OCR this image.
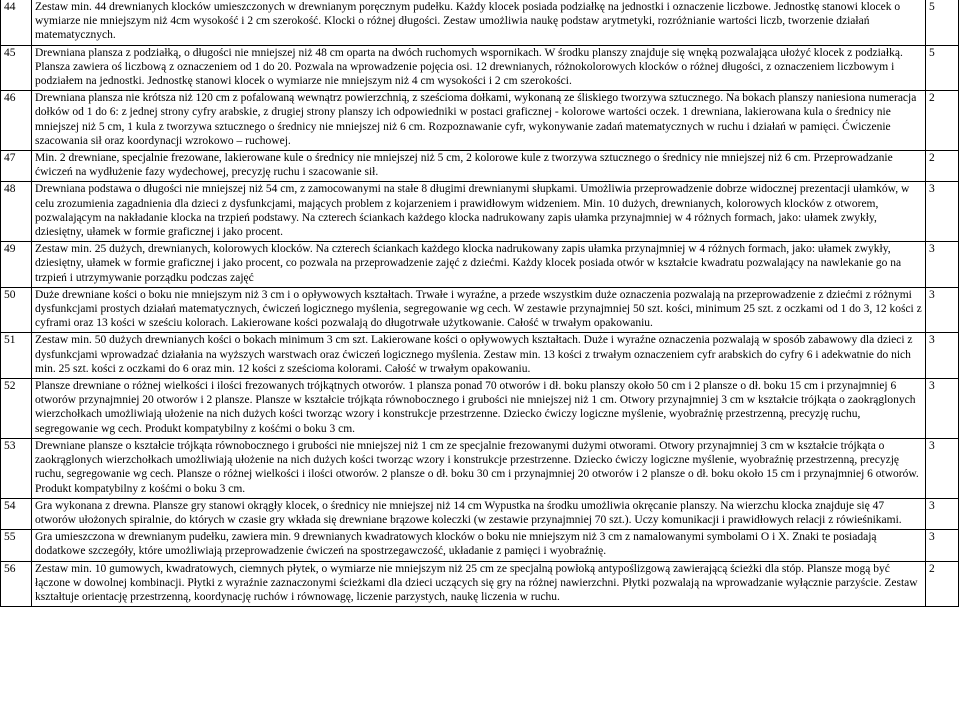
44	Zestaw min. 44 drewnianych klocków umieszczonych w drewnianym poręcznym pudełku. Każdy klocek posiada podziałkę na jednostki i oznaczenie liczbowe. Jednostkę stanowi klocek o wymiarze nie mniejszym niż 4cm wysokość i 2 cm szerokość. Klocki o różnej długości. Zestaw umożliwia naukę podstaw arytmetyki, rozróżnianie wartości liczb, tworzenie działań matematycznych.	5
45	Drewniana plansza z podziałką, o długości nie mniejszej niż 48 cm oparta na dwóch ruchomych wspornikach. W środku planszy znajduje się wnęką pozwalająca ułożyć klocek z podziałką. Plansza zawiera oś liczbową z oznaczeniem od 1 do 20. Pozwala na wprowadzenie pojęcia osi. 12 drewnianych, różnokolorowych klocków o różnej długości, z oznaczeniem liczbowym i podziałem na jednostki. Jednostkę stanowi klocek o wymiarze nie mniejszym niż 4 cm wysokości i 2 cm szerokości.	5
46	Drewniana plansza nie krótsza niż 120 cm z pofalowaną wewnątrz powierzchnią, z sześcioma dołkami, wykonaną ze śliskiego tworzywa sztucznego. Na bokach planszy naniesiona numeracja dołków od 1 do 6: z jednej strony cyfry arabskie, z drugiej strony planszy ich odpowiedniki w postaci graficznej - kolorowe wartości oczek. 1 drewniana, lakierowana kula o średnicy nie mniejszej niż 5 cm, 1 kula z tworzywa sztucznego o średnicy nie mniejszej niż 6 cm. Rozpoznawanie cyfr, wykonywanie zadań matematycznych w ruchu i działań w pamięci. Ćwiczenie szacowania sił oraz koordynacji wzrokowo – ruchowej.	2
47	Min. 2 drewniane, specjalnie frezowane, lakierowane kule o średnicy nie mniejszej niż 5 cm, 2 kolorowe kule z tworzywa sztucznego o średnicy nie mniejszej niż 6 cm. Przeprowadzanie ćwiczeń na wydłużenie fazy wydechowej, precyzję ruchu i szacowanie sił.	2
48	Drewniana podstawa o długości nie mniejszej niż 54 cm, z zamocowanymi na stałe 8 długimi drewnianymi słupkami. Umożliwia przeprowadzenie dobrze widocznej prezentacji ułamków, w celu zrozumienia zagadnienia dla dzieci z dysfunkcjami, mających problem z kojarzeniem i prawidłowym widzeniem. Min. 10 dużych, drewnianych, kolorowych klocków z otworem, pozwalającym na nakładanie klocka na trzpień podstawy. Na czterech ściankach każdego klocka nadrukowany zapis ułamka przynajmniej w 4 różnych formach, jako: ułamek zwykły, dziesiętny, ułamek w formie graficznej i jako procent.	3
49	Zestaw min. 25 dużych, drewnianych, kolorowych klocków. Na czterech ściankach każdego klocka nadrukowany zapis ułamka przynajmniej w 4 różnych formach, jako: ułamek zwykły, dziesiętny, ułamek w formie graficznej i jako procent, co pozwala na przeprowadzenie zajęć z dziećmi. Każdy klocek posiada otwór w kształcie kwadratu pozwalający na nawlekanie go na trzpień i utrzymywanie porządku podczas zajęć	3
50	Duże drewniane kości o boku nie mniejszym niż 3 cm i o opływowych kształtach. Trwałe i wyraźne, a przede wszystkim duże oznaczenia pozwalają na przeprowadzenie z dziećmi z różnymi dysfunkcjami prostych działań matematycznych, ćwiczeń logicznego myślenia, segregowanie wg cech. W zestawie przynajmniej 50 szt. kości, minimum 25 szt. z oczkami od 1 do 3, 12 kości z cyframi oraz 13 kości w sześciu kolorach. Lakierowane kości pozwalają do długotrwałe użytkowanie. Całość w trwałym opakowaniu.	3
51	Zestaw min. 50 dużych drewnianych kości o bokach minimum 3 cm szt. Lakierowane kości o opływowych kształtach. Duże i wyraźne oznaczenia pozwalają w sposób zabawowy dla dzieci z dysfunkcjami wprowadzać działania na wyższych warstwach oraz ćwiczeń logicznego myślenia. Zestaw min. 13 kości z trwałym oznaczeniem cyfr arabskich do cyfry 6 i adekwatnie do nich min. 25 szt. kości z oczkami do 6 oraz min. 12 kości z sześcioma kolorami. Całość w trwałym opakowaniu.	3
52	Plansze drewniane o różnej wielkości i ilości frezowanych trójkątnych otworów. 1 plansza ponad 70 otworów i dł. boku planszy około 50 cm i 2 plansze o dł. boku 15 cm i przynajmniej 6 otworów przynajmniej 20 otworów i 2 plansze. Plansze w kształcie trójkąta równobocznego i grubości nie mniejszej niż 1 cm. Otwory przynajmniej 3 cm w kształcie trójkąta o zaokrąglonych wierzchołkach umożliwiają ułożenie na nich dużych kości tworząc wzory i konstrukcje przestrzenne. Dziecko ćwiczy logiczne myślenie, wyobraźnię przestrzenną, precyzję ruchu, segregowanie wg cech. Produkt kompatybilny z kośćmi o boku 3 cm.	3
53	Drewniane plansze o kształcie trójkąta równobocznego i grubości nie mniejszej niż 1 cm ze specjalnie frezowanymi dużymi otworami. Otwory przynajmniej 3 cm w kształcie trójkąta o zaokrąglonych wierzchołkach umożliwiają ułożenie na nich dużych kości tworząc wzory i konstrukcje przestrzenne. Dziecko ćwiczy logiczne myślenie, wyobraźnię przestrzenną, precyzję ruchu, segregowanie wg cech. Plansze o różnej wielkości i ilości otworów. 2 plansze o dł. boku 30 cm i przynajmniej 20 otworów i 2 plansze o dł. boku około 15 cm i przynajmniej 6 otworów. Produkt kompatybilny z kośćmi o boku 3 cm.	3
54	Gra wykonana z drewna. Plansze gry stanowi okrągły klocek, o średnicy nie mniejszej niż 14 cm Wypustka na środku umożliwia okręcanie planszy. Na wierzchu klocka znajduje się 47 otworów ułożonych spiralnie, do których w czasie gry wkłada się drewniane brązowe koleczki (w zestawie przynajmniej 70 szt.). Uczy komunikacji i prawidłowych relacji z rówieśnikami.	3
55	Gra umieszczona w drewnianym pudełku, zawiera min. 9 drewnianych kwadratowych klocków o boku nie mniejszym niż 3 cm z namalowanymi symbolami O i X. Znaki te posiadają dodatkowe szczegóły, które umożliwiają przeprowadzenie ćwiczeń na spostrzegawczość, układanie z pamięci i wyobraźnię.	3
56	Zestaw min. 10 gumowych, kwadratowych, ciemnych płytek, o wymiarze nie mniejszym niż 25 cm ze specjalną powłoką antypoślizgową zawierającą ścieżki dla stóp. Plansze mogą być łączone w dowolnej kombinacji. Płytki z wyraźnie zaznaczonymi ścieżkami dla dzieci uczących się gry na różnej nawierzchni. Płytki pozwalają na wprowadzanie wyłącznie parzyście. Zestaw kształtuje orientację przestrzenną, koordynację ruchów i równowagę, liczenie parzystych, naukę liczenia w ruchu.	2
